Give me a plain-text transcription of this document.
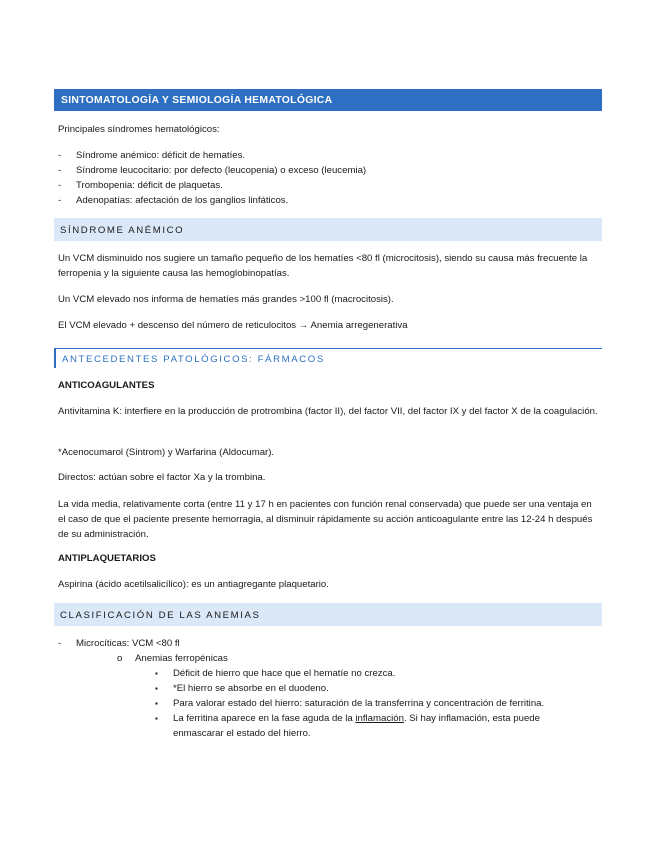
SINTOMATOLOGÍA Y SEMIOLOGÍA HEMATOLÓGICA
Principales síndromes hematológicos:
- Síndrome anémico: déficit de hematíes.
- Síndrome leucocitario: por defecto (leucopenia) o exceso (leucemia)
- Trombopenia: déficit de plaquetas.
- Adenopatías: afectación de los ganglios linfáticos.
SÍNDROME ANÉMICO
Un VCM disminuido nos sugiere un tamaño pequeño de los hematíes <80 fl (microcitosis), siendo su causa más frecuente la ferropenia y la siguiente causa las hemoglobinopatías.
Un VCM elevado nos informa de hematíes más grandes >100 fl (macrocitosis).
El VCM elevado + descenso del número de reticulocitos → Anemia arregenerativa
ANTECEDENTES PATOLÓGICOS: FÁRMACOS
ANTICOAGULANTES
Antivitamina K: interfiere en la producción de protrombina (factor II), del factor VII, del factor IX y del factor X de la coagulación.
*Acenocumarol (Sintrom) y Warfarina (Aldocumar).
Directos: actúan sobre el factor Xa y la trombina.
La vida media, relativamente corta (entre 11 y 17 h en pacientes con función renal conservada) que puede ser una ventaja en el caso de que el paciente presente hemorragia, al disminuir rápidamente su acción anticoagulante entre las 12-24 h después de su administración.
ANTIPLAQUETARIOS
Aspirina (ácido acetilsalicílico): es un antiagregante plaquetario.
CLASIFICACIÓN DE LAS ANEMIAS
- Microcíticas: VCM <80 fl
o Anemias ferropénicas
▪ Déficit de hierro que hace que el hematíe no crezca.
▪ *El hierro se absorbe en el duodeno.
▪ Para valorar estado del hierro: saturación de la transferrina y concentración de ferritina.
▪ La ferritina aparece en la fase aguda de la inflamación. Si hay inflamación, esta puede enmascarar el estado del hierro.
